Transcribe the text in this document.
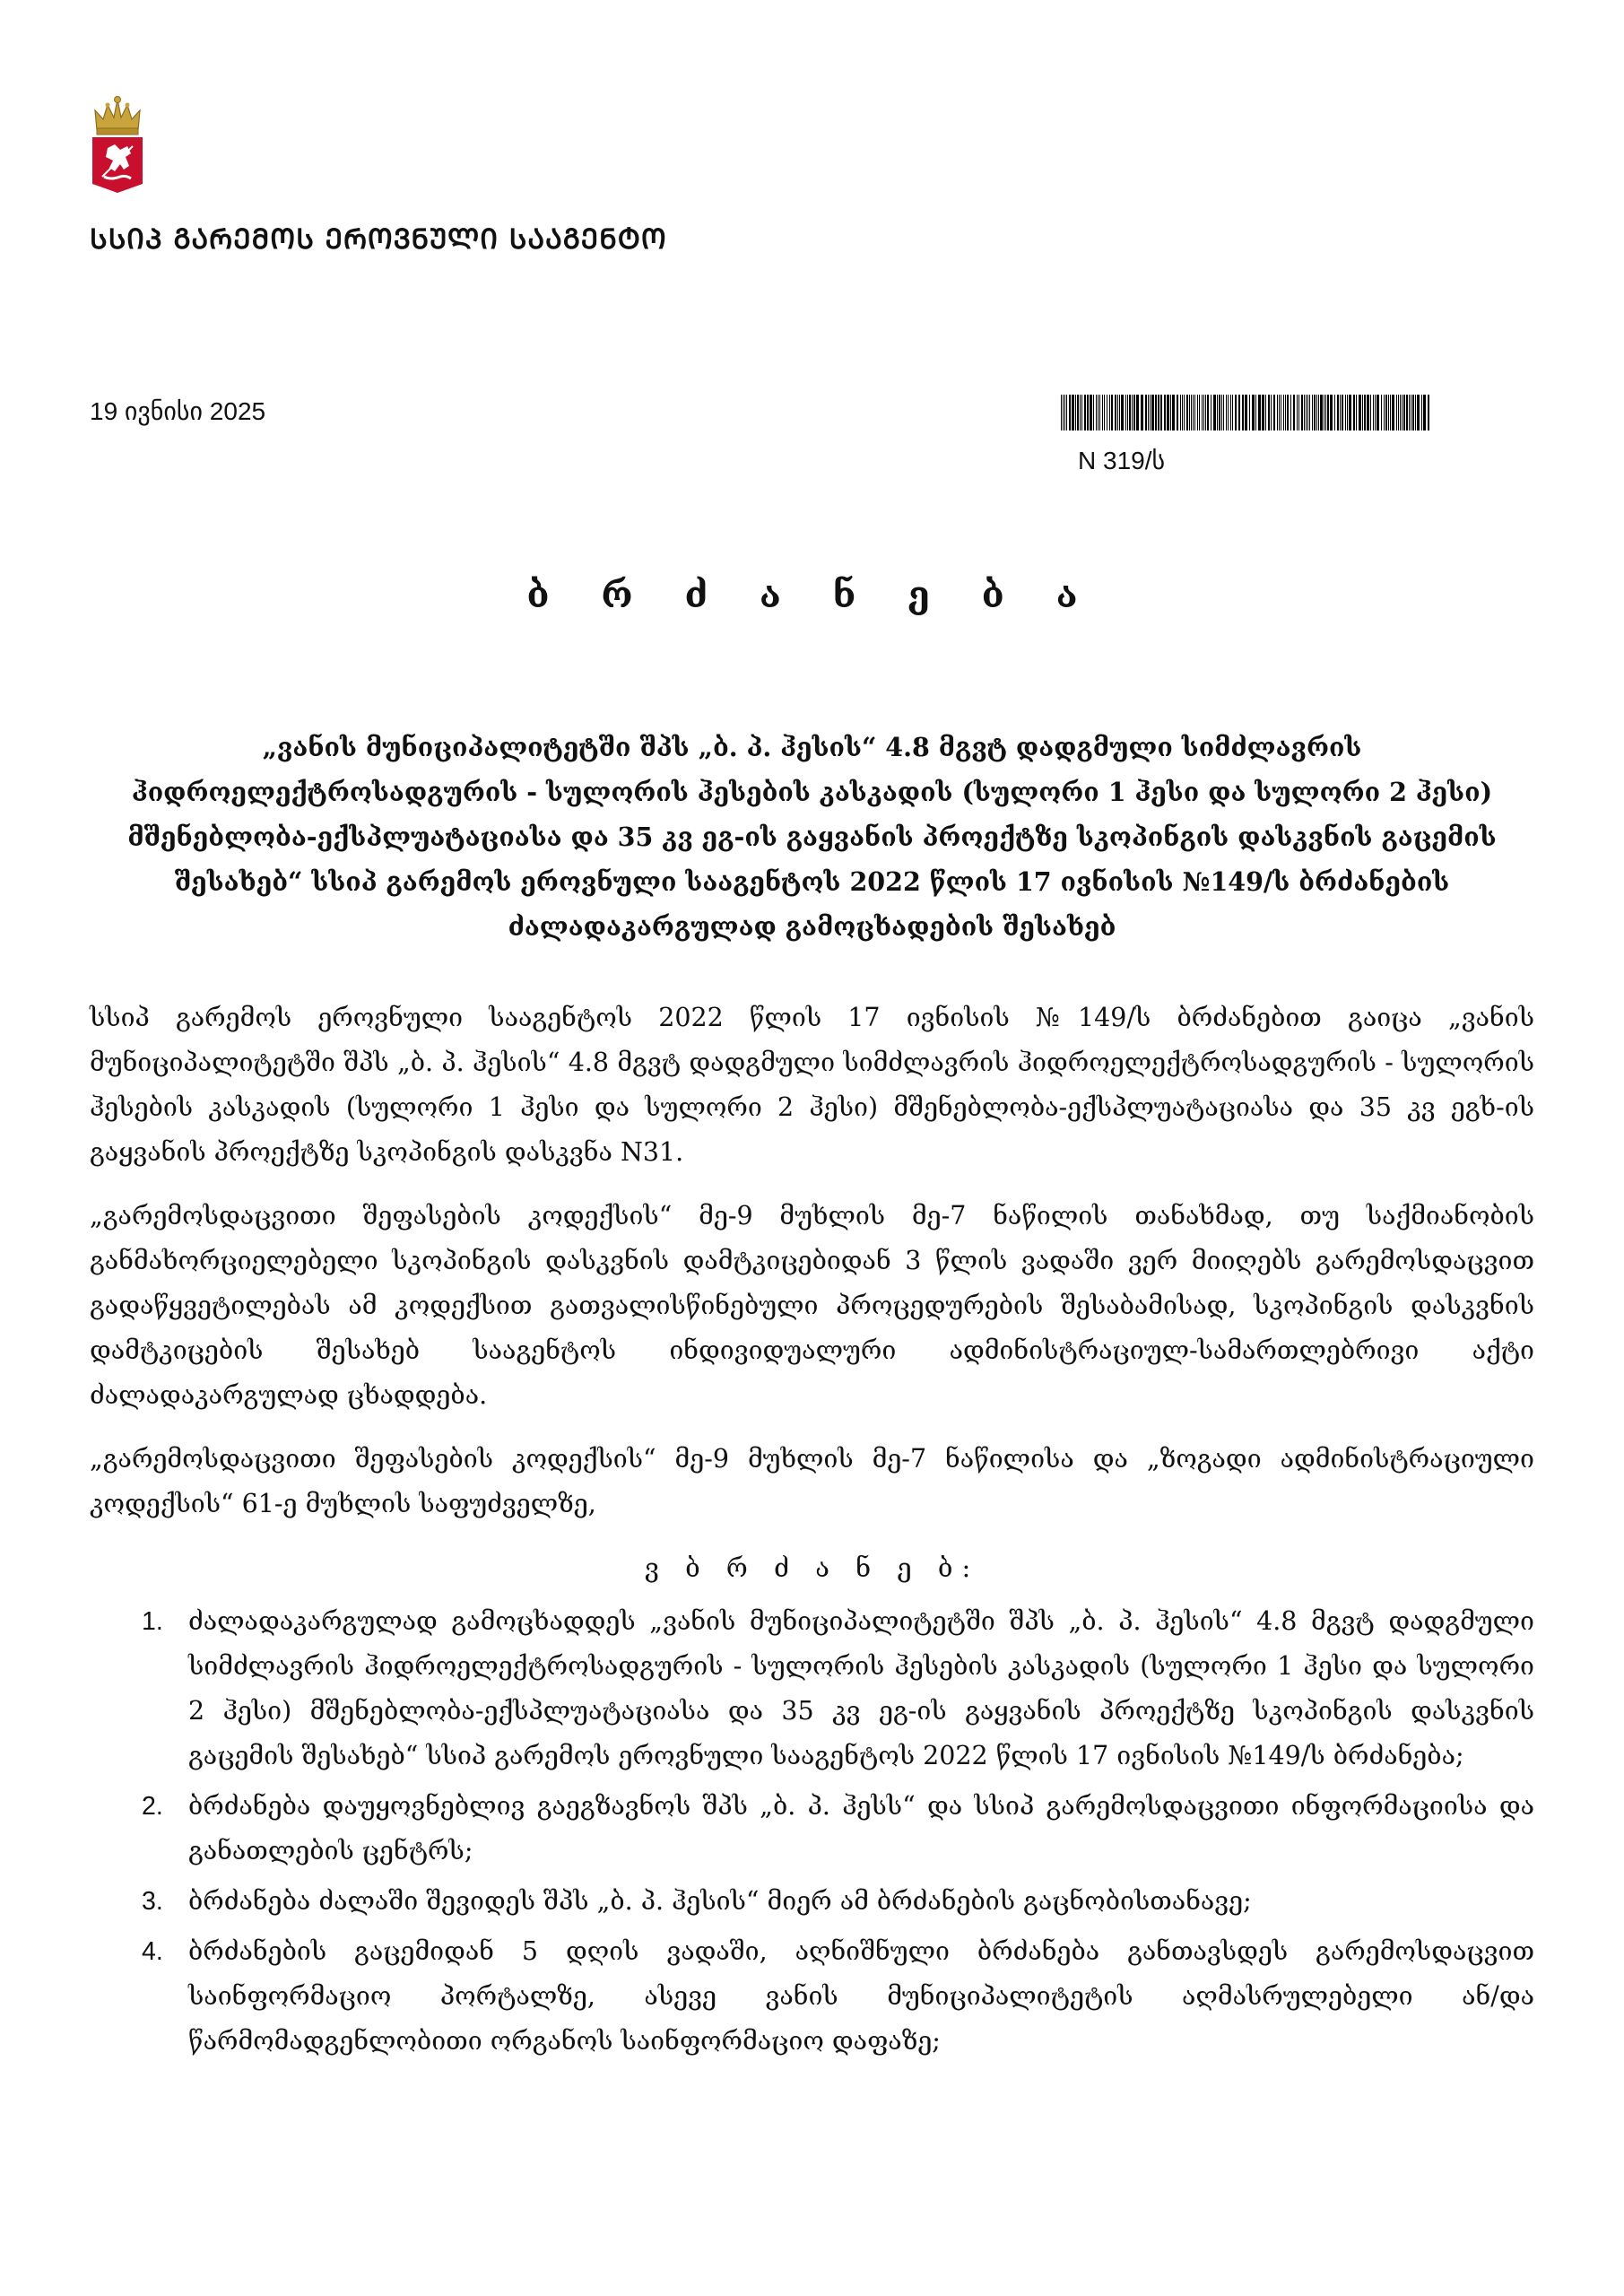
ᲡᲡᲘᲞ ᲒᲐᲠᲔᲛᲝᲡ ᲔᲠᲝᲕᲜᲣᲚᲘ ᲡᲐᲐᲒᲔᲜᲢᲝ
19 ივნისი 2025
N 319/ს
ბ რ ძ ა ნ ე ბ ა
„ვანის მუნიციპალიტეტში შპს „ბ. პ. ჰესის“ 4.8 მგვტ დადგმული სიმძლავრის ჰიდროელექტროსადგურის - სულორის ჰესების კასკადის (სულორი 1 ჰესი და სულორი 2 ჰესი) მშენებლობა-ექსპლუატაციასა და 35 კვ ეგ-ის გაყვანის პროექტზე სკოპინგის დასკვნის გაცემის შესახებ“ სსიპ გარემოს ეროვნული სააგენტოს 2022 წლის 17 ივნისის №149/ს ბრძანების ძალადაკარგულად გამოცხადების შესახებ

სსიპ გარემოს ეროვნული სააგენტოს 2022 წლის 17 ივნისის №149/ს ბრძანებით გაიცა „ვანის მუნიციპალიტეტში შპს „ბ. პ. ჰესის“ 4.8 მგვტ დადგმული სიმძლავრის ჰიდროელექტროსადგურის - სულორის ჰესების კასკადის (სულორი 1 ჰესი და სულორი 2 ჰესი) მშენებლობა-ექსპლუატაციასა და 35 კვ ეგხ-ის გაყვანის პროექტზე სკოპინგის დასკვნა N31.

„გარემოსდაცვითი შეფასების კოდექსის“ მე-9 მუხლის მე-7 ნაწილის თანახმად, თუ საქმიანობის განმახორციელებელი სკოპინგის დასკვნის დამტკიცებიდან 3 წლის ვადაში ვერ მიიღებს გარემოსდაცვით გადაწყვეტილებას ამ კოდექსით გათვალისწინებული პროცედურების შესაბამისად, სკოპინგის დასკვნის დამტკიცების შესახებ სააგენტოს ინდივიდუალური ადმინისტრაციულ-სამართლებრივი აქტი ძალადაკარგულად ცხადდება.

„გარემოსდაცვითი შეფასების კოდექსის“ მე-9 მუხლის მე-7 ნაწილისა და „ზოგადი ადმინისტრაციული კოდექსის“ 61-ე მუხლის საფუძველზე,

ვ ბ რ ძ ა ნ ე ბ:
1. ძალადაკარგულად გამოცხადდეს „ვანის მუნიციპალიტეტში შპს „ბ. პ. ჰესის“ 4.8 მგვტ დადგმული სიმძლავრის ჰიდროელექტროსადგურის - სულორის ჰესების კასკადის (სულორი 1 ჰესი და სულორი 2 ჰესი) მშენებლობა-ექსპლუატაციასა და 35 კვ ეგ-ის გაყვანის პროექტზე სკოპინგის დასკვნის გაცემის შესახებ“ სსიპ გარემოს ეროვნული სააგენტოს 2022 წლის 17 ივნისის №149/ს ბრძანება;
2. ბრძანება დაუყოვნებლივ გაეგზავნოს შპს „ბ. პ. ჰესს“ და სსიპ გარემოსდაცვითი ინფორმაციისა და განათლების ცენტრს;
3. ბრძანება ძალაში შევიდეს შპს „ბ. პ. ჰესის“ მიერ ამ ბრძანების გაცნობისთანავე;
4. ბრძანების გაცემიდან 5 დღის ვადაში, აღნიშნული ბრძანება განთავსდეს გარემოსდაცვით საინფორმაციო პორტალზე, ასევე ვანის მუნიციპალიტეტის აღმასრულებელი ან/და წარმომადგენლობითი ორგანოს საინფორმაციო დაფაზე;
